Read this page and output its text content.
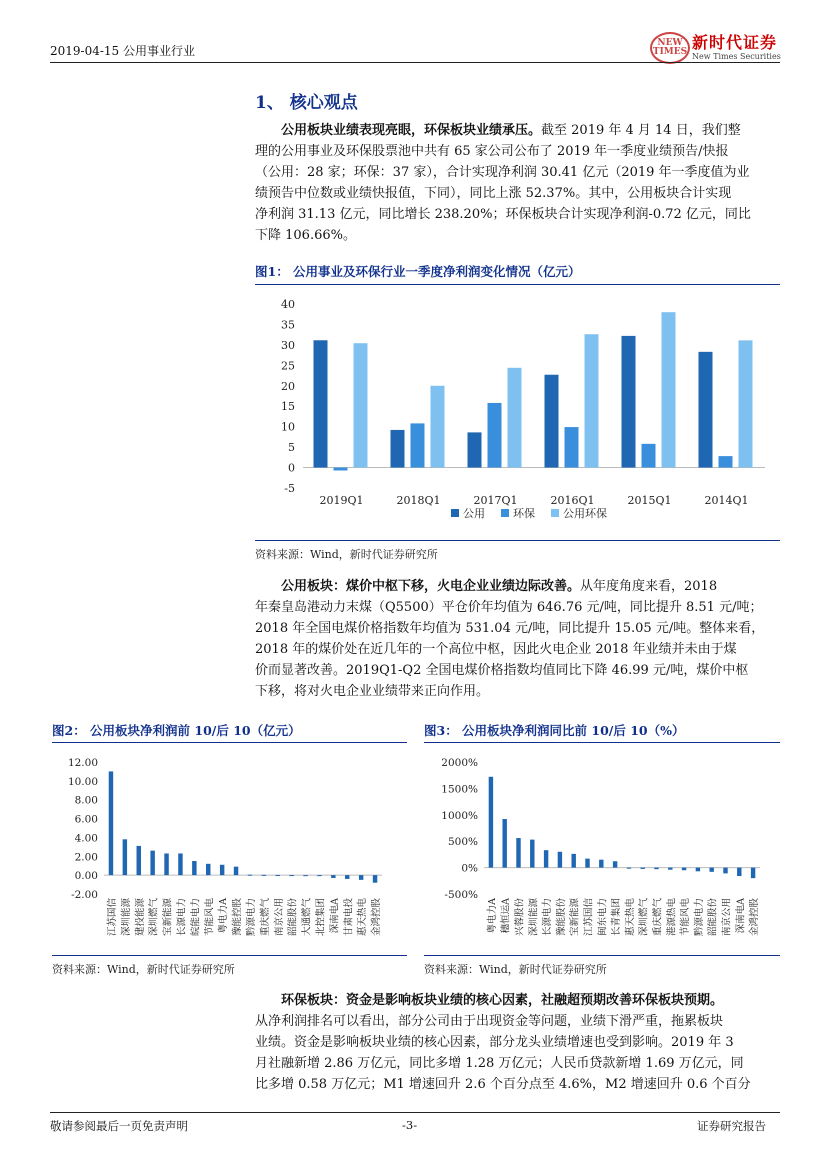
2019-04-15 公用事业行业
NEW TIMES 新时代证券
New Times Securities
1、 核心观点
公用板块业绩表现亮眼，环保板块业绩承压。截至 2019 年 4 月 14 日，我们整
理的公用事业及环保股票池中共有 65 家公司公布了 2019 年一季度业绩预告/快报
（公用：28 家；环保：37 家），合计实现净利润 30.41 亿元（2019 年一季度值为业
绩预告中位数或业绩快报值，下同），同比上涨 52.37%。其中，公用板块合计实现
净利润 31.13 亿元，同比增长 238.20%；环保板块合计实现净利润-0.72 亿元，同比
下降 106.66%。
图1： 公用事业及环保行业一季度净利润变化情况（亿元）
40
35
30
25
20
15
10
5
0
-5
2019Q1	2018Q1	2017Q1	2016Q1	2015Q1	2014Q1
公用	环保	公用环保
资料来源：Wind，新时代证券研究所
公用板块：煤价中枢下移，火电企业业绩边际改善。从年度角度来看，2018
年秦皇岛港动力末煤（Q5500）平仓价年均值为 646.76 元/吨，同比提升 8.51 元/吨；
2018 年全国电煤价格指数年均值为 531.04 元/吨，同比提升 15.05 元/吨。整体来看，
2018 年的煤价处在近几年的一个高位中枢，因此火电企业 2018 年业绩并未由于煤
价而显著改善。2019Q1-Q2 全国电煤价格指数均值同比下降 46.99 元/吨，煤价中枢
下移，将对火电企业业绩带来正向作用。
图2： 公用板块净利润前 10/后 10（亿元）
12.00
10.00
8.00
6.00
4.00
2.00
0.00
-2.00
江苏国信 深圳能源 建投能源 深圳燃气 宝新能源 长源电力 皖能电力 节能风电 粤电力A 豫能控股 黔源电力 重庆燃气 南京公用 韶能股份 大通燃气 北控集团 深南电A 甘肃电投 惠天热电 金鸿控股
资料来源：Wind，新时代证券研究所
图3： 公用板块净利润同比前 10/后 10（%）
2000%
1500%
1000%
500%
0%
-500%
粤电力A 穗恒运A 兴蓉股份 深圳能源 长源电力 豫能股份 宝新能源 江苏国信 闽东电力 长青集团 惠天热电 深圳燃气 重庆燃气 港源热电 节能风电 黔源电力 韶能股份 南京公用 深南电A 金鸿控股
资料来源：Wind，新时代证券研究所
环保板块：资金是影响板块业绩的核心因素，社融超预期改善环保板块预期。
从净利润排名可以看出，部分公司由于出现资金等问题，业绩下滑严重，拖累板块
业绩。资金是影响板块业绩的核心因素，部分龙头业绩增速也受到影响。2019 年 3
月社融新增 2.86 万亿元，同比多增 1.28 万亿元；人民币贷款新增 1.69 万亿元，同
比多增 0.58 万亿元；M1 增速回升 2.6 个百分点至 4.6%，M2 增速回升 0.6 个百分
敬请参阅最后一页免责声明	-3-	证券研究报告
